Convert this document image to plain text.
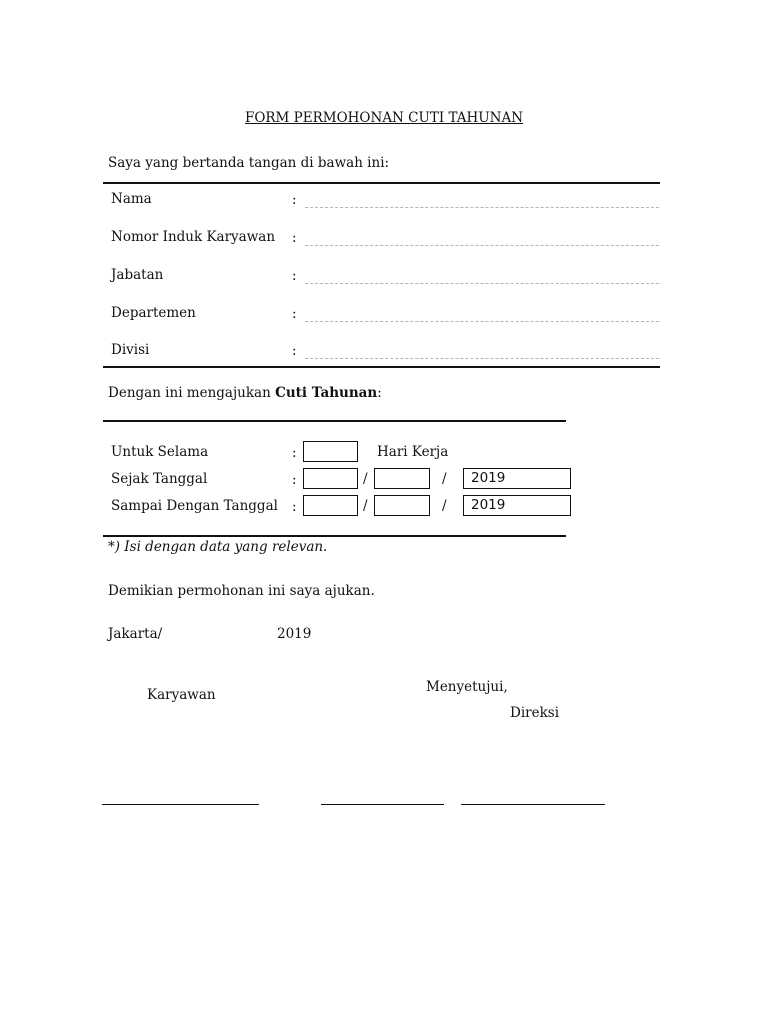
FORM PERMOHONAN CUTI TAHUNAN
Saya yang bertanda tangan di bawah ini:
Nama	:
Nomor Induk Karyawan :
Jabatan	:
Departemen	:
Divisi	:
Dengan ini mengajukan Cuti Tahunan:
Untuk Selama	:	Hari Kerja
Sejak Tanggal	:	/	/	2019
Sampai Dengan Tanggal :	/	/	2019
*) Isi dengan data yang relevan.
Demikian permohonan ini saya ajukan.
Jakarta/	2019
Karyawan	Menyetujui,
Direksi
